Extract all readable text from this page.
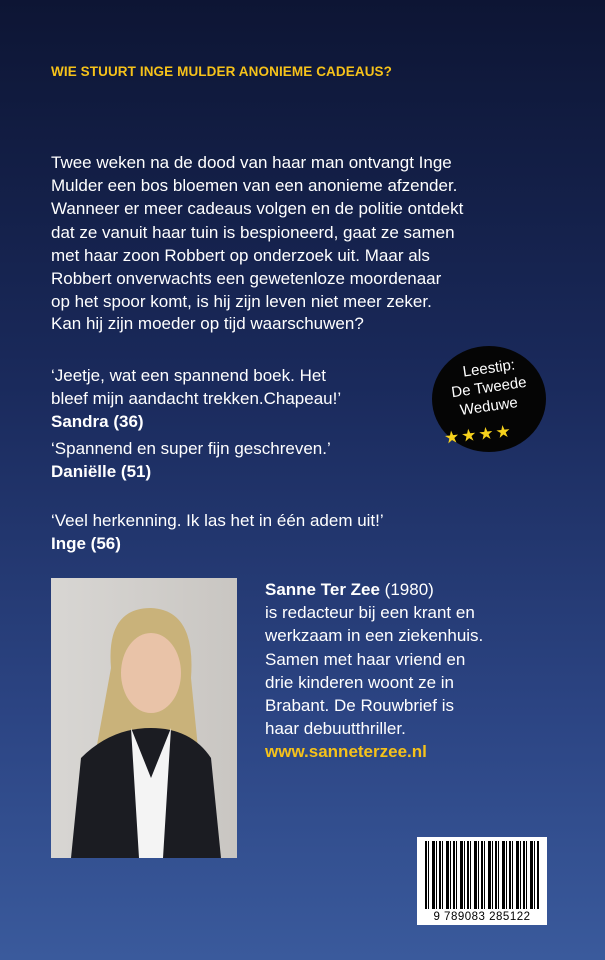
WIE STUURT INGE MULDER ANONIEME CADEAUS?
Twee weken na de dood van haar man ontvangt Inge
Mulder een bos bloemen van een anonieme afzender.
Wanneer er meer cadeaus volgen en de politie ontdekt
dat ze vanuit haar tuin is bespioneerd, gaat ze samen
met haar zoon Robbert op onderzoek uit. Maar als
Robbert onverwachts een gewetenloze moordenaar
op het spoor komt, is hij zijn leven niet meer zeker.
Kan hij zijn moeder op tijd waarschuwen?
‘Jeetje, wat een spannend boek. Het
bleef mijn aandacht trekken.Chapeau!’
Sandra (36)
‘Spannend en super fijn geschreven.’
Daniëlle (51)
‘Veel herkenning. Ik las het in één adem uit!’
Inge (56)
Leestip:
De Tweede
Weduwe
★★★★
Sanne Ter Zee (1980)
is redacteur bij een krant en
werkzaam in een ziekenhuis.
Samen met haar vriend en
drie kinderen woont ze in
Brabant. De Rouwbrief is
haar debuutthriller.
www.sanneterzee.nl
9 789083 285122
